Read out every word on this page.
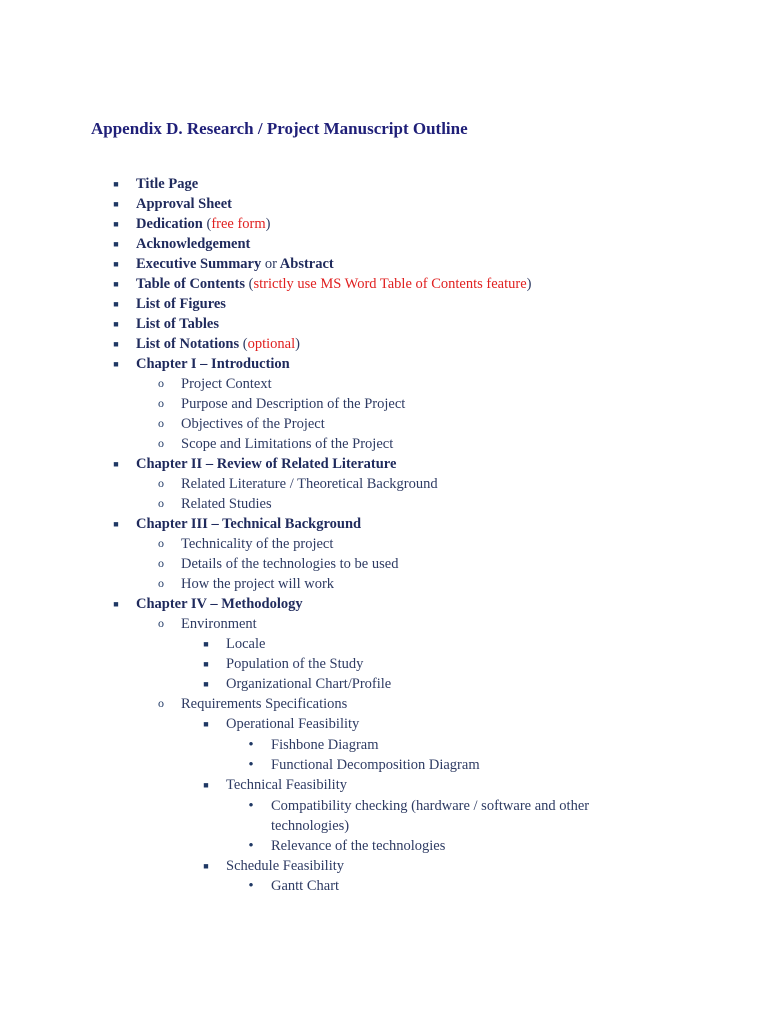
Appendix D. Research / Project Manuscript Outline
■ Title Page
■ Approval Sheet
■ Dedication (free form)
■ Acknowledgement
■ Executive Summary or Abstract
■ Table of Contents (strictly use MS Word Table of Contents feature)
■ List of Figures
■ List of Tables
■ List of Notations (optional)
■ Chapter I – Introduction
o Project Context
o Purpose and Description of the Project
o Objectives of the Project
o Scope and Limitations of the Project
■ Chapter II – Review of Related Literature
o Related Literature / Theoretical Background
o Related Studies
■ Chapter III – Technical Background
o Technicality of the project
o Details of the technologies to be used
o How the project will work
■ Chapter IV – Methodology
o Environment
■ Locale
■ Population of the Study
■ Organizational Chart/Profile
o Requirements Specifications
■ Operational Feasibility
• Fishbone Diagram
• Functional Decomposition Diagram
■ Technical Feasibility
• Compatibility checking (hardware / software and other technologies)
• Relevance of the technologies
■ Schedule Feasibility
• Gantt Chart
